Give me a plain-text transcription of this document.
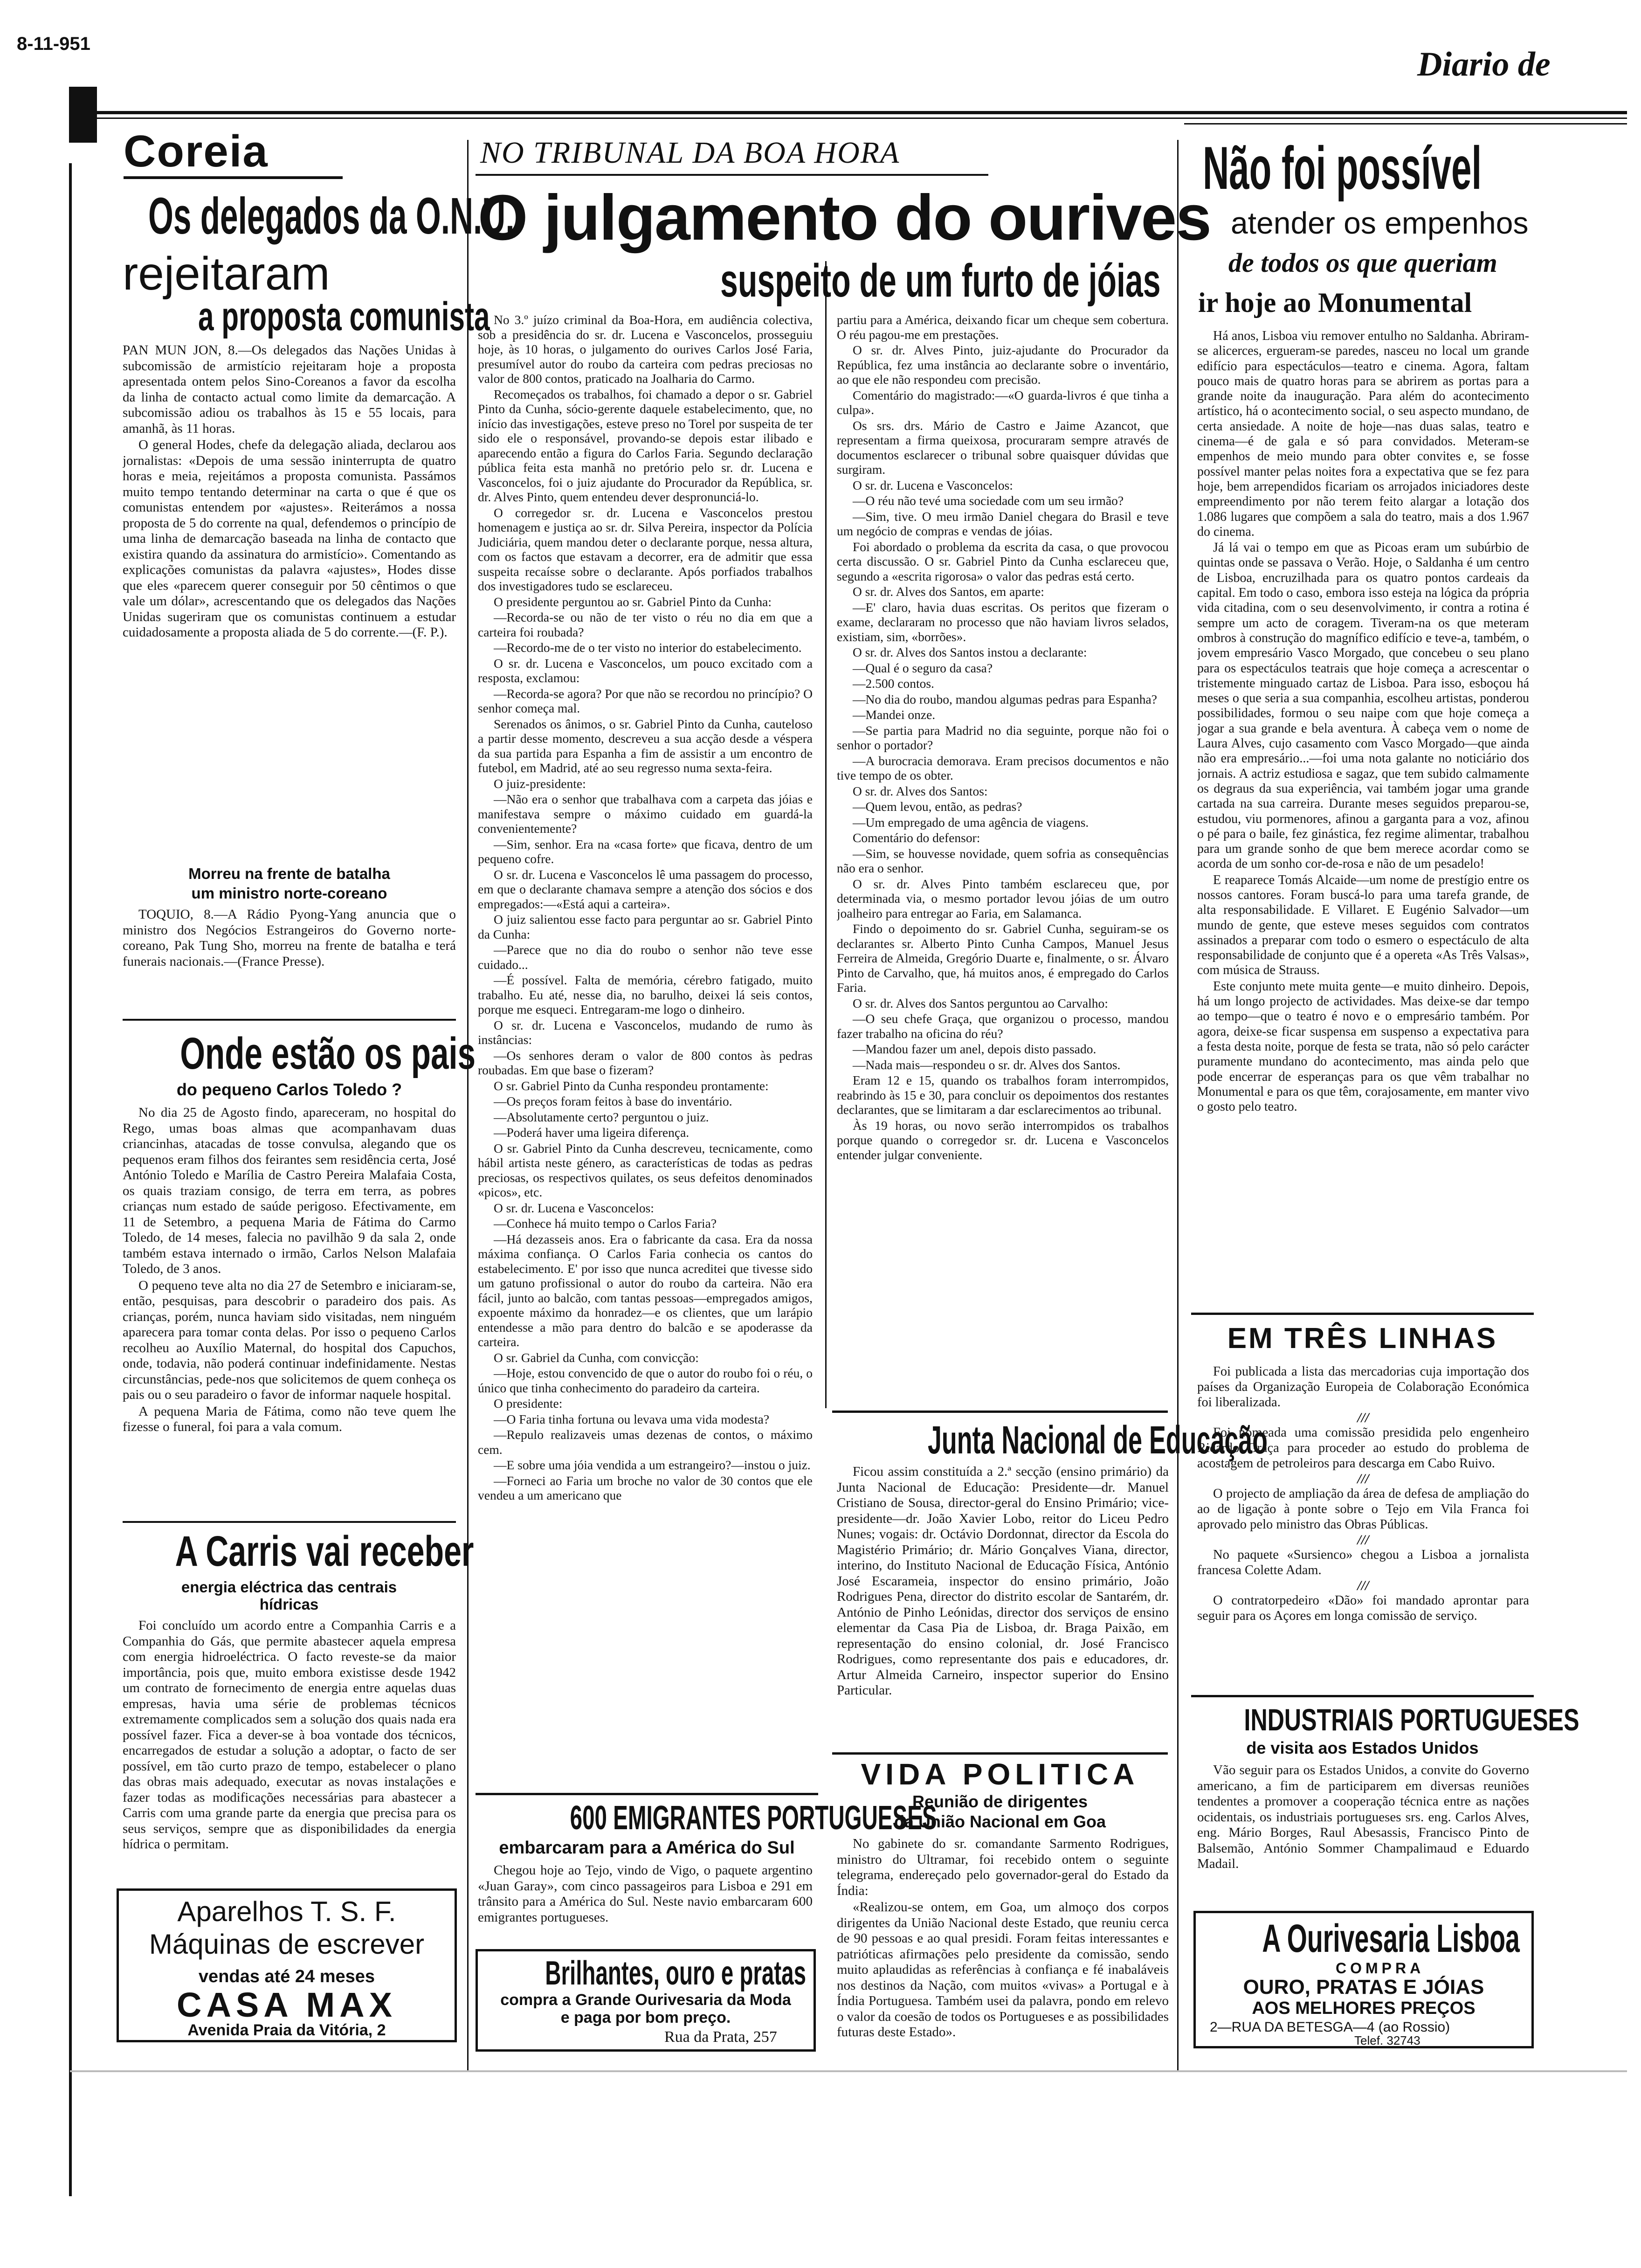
8-11-951
Diario de
Coreia
Os delegados da O.N.U.
rejeitaram
a proposta comunista

PAN MUN JON, 8.—Os delegados das Nações Unidas à subcomissão de armistício rejeitaram hoje a proposta apresentada ontem pelos Sino-Coreanos a favor da escolha da linha de contacto actual como limite da demarcação. A subcomissão adiou os trabalhos às 15 e 55 locais, para amanhã, às 11 horas.

O general Hodes, chefe da delegação aliada, declarou aos jornalistas: «Depois de uma sessão ininterrupta de quatro horas e meia, rejeitámos a proposta comunista. Passámos muito tempo tentando determinar na carta o que é que os comunistas entendem por «ajustes». Reiterámos a nossa proposta de 5 do corrente na qual, defendemos o princípio de uma linha de demarcação baseada na linha de contacto que existira quando da assinatura do armistício». Comentando as explicações comunistas da palavra «ajustes», Hodes disse que eles «parecem querer conseguir por 50 cêntimos o que vale um dólar», acrescentando que os delegados das Nações Unidas sugeriram que os comunistas continuem a estudar cuidadosamente a proposta aliada de 5 do corrente.—(F. P.).

Morreu na frente de batalha
um ministro norte-coreano

TOQUIO, 8.—A Rádio Pyong-Yang anuncia que o ministro dos Negócios Estrangeiros do Governo norte-coreano, Pak Tung Sho, morreu na frente de batalha e terá funerais nacionais.—(France Presse).

Onde estão os pais
do pequeno Carlos Toledo ?

No dia 25 de Agosto findo, apareceram, no hospital do Rego, umas boas almas que acompanhavam duas criancinhas, atacadas de tosse convulsa, alegando que os pequenos eram filhos dos feirantes sem residência certa, José António Toledo e Marília de Castro Pereira Malafaia Costa, os quais traziam consigo, de terra em terra, as pobres crianças num estado de saúde perigoso. Efectivamente, em 11 de Setembro, a pequena Maria de Fátima do Carmo Toledo, de 14 meses, falecia no pavilhão 9 da sala 2, onde também estava internado o irmão, Carlos Nelson Malafaia Toledo, de 3 anos.

O pequeno teve alta no dia 27 de Setembro e iniciaram-se, então, pesquisas, para descobrir o paradeiro dos pais. As crianças, porém, nunca haviam sido visitadas, nem ninguém aparecera para tomar conta delas. Por isso o pequeno Carlos recolheu ao Auxílio Maternal, do hospital dos Capuchos, onde, todavia, não poderá continuar indefinidamente. Nestas circunstâncias, pede-nos que solicitemos de quem conheça os pais ou o seu paradeiro o favor de informar naquele hospital.

A pequena Maria de Fátima, como não teve quem lhe fizesse o funeral, foi para a vala comum.

A Carris vai receber
energia eléctrica das centrais hídricas

Foi concluído um acordo entre a Companhia Carris e a Companhia do Gás, que permite abastecer aquela empresa com energia hidroeléctrica. O facto reveste-se da maior importância, pois que, muito embora existisse desde 1942 um contrato de fornecimento de energia entre aquelas duas empresas, havia uma série de problemas técnicos extremamente complicados sem a solução dos quais nada era possível fazer. Fica a dever-se à boa vontade dos técnicos, encarregados de estudar a solução a adoptar, o facto de ser possível, em tão curto prazo de tempo, estabelecer o plano das obras mais adequado, executar as novas instalações e fazer todas as modificações necessárias para abastecer a Carris com uma grande parte da energia que precisa para os seus serviços, sempre que as disponibilidades da energia hídrica o permitam.

Aparelhos T. S. F.
Máquinas de escrever
vendas até 24 meses
CASA MAX
Avenida Praia da Vitória, 2
NO TRIBUNAL DA BOA HORA
O julgamento do ourives
suspeito de um furto de jóias

No 3.º juízo criminal da Boa-Hora, em audiência colectiva, sob a presidência do sr. dr. Lucena e Vasconcelos, prosseguiu hoje, às 10 horas, o julgamento do ourives Carlos José Faria, presumível autor do roubo da carteira com pedras preciosas no valor de 800 contos, praticado na Joalharia do Carmo.

Recomeçados os trabalhos, foi chamado a depor o sr. Gabriel Pinto da Cunha, sócio-gerente daquele estabelecimento, que, no início das investigações, esteve preso no Torel por suspeita de ter sido ele o responsável, provando-se depois estar ilibado e aparecendo então a figura do Carlos Faria. Segundo declaração pública feita esta manhã no pretório pelo sr. dr. Lucena e Vasconcelos, foi o juiz ajudante do Procurador da República, sr. dr. Alves Pinto, quem entendeu dever despronunciá-lo.

O corregedor sr. dr. Lucena e Vasconcelos prestou homenagem e justiça ao sr. dr. Silva Pereira, inspector da Polícia Judiciária, quem mandou deter o declarante porque, nessa altura, com os factos que estavam a decorrer, era de admitir que essa suspeita recaísse sobre o declarante. Após porfiados trabalhos dos investigadores tudo se esclareceu.

O presidente perguntou ao sr. Gabriel Pinto da Cunha:

—Recorda-se ou não de ter visto o réu no dia em que a carteira foi roubada?

—Recordo-me de o ter visto no interior do estabelecimento.

O sr. dr. Lucena e Vasconcelos, um pouco excitado com a resposta, exclamou:

—Recorda-se agora? Por que não se recordou no princípio? O senhor começa mal.

Serenados os ânimos, o sr. Gabriel Pinto da Cunha, cauteloso a partir desse momento, descreveu a sua acção desde a véspera da sua partida para Espanha a fim de assistir a um encontro de futebol, em Madrid, até ao seu regresso numa sexta-feira.

O juiz-presidente:

—Não era o senhor que trabalhava com a carpeta das jóias e manifestava sempre o máximo cuidado em guardá-la convenientemente?

—Sim, senhor. Era na «casa forte» que ficava, dentro de um pequeno cofre.

O sr. dr. Lucena e Vasconcelos lê uma passagem do processo, em que o declarante chamava sempre a atenção dos sócios e dos empregados:—«Está aqui a carteira».

O juiz salientou esse facto para perguntar ao sr. Gabriel Pinto da Cunha:

—Parece que no dia do roubo o senhor não teve esse cuidado...

—É possível. Falta de memória, cérebro fatigado, muito trabalho. Eu até, nesse dia, no barulho, deixei lá seis contos, porque me esqueci. Entregaram-me logo o dinheiro.

O sr. dr. Lucena e Vasconcelos, mudando de rumo às instâncias:

—Os senhores deram o valor de 800 contos às pedras roubadas. Em que base o fizeram?

O sr. Gabriel Pinto da Cunha respondeu prontamente:

—Os preços foram feitos à base do inventário.

—Absolutamente certo? perguntou o juiz.

—Poderá haver uma ligeira diferença.

O sr. Gabriel Pinto da Cunha descreveu, tecnicamente, como hábil artista neste género, as características de todas as pedras preciosas, os respectivos quilates, os seus defeitos denominados «picos», etc.

O sr. dr. Lucena e Vasconcelos:

—Conhece há muito tempo o Carlos Faria?

—Há dezasseis anos. Era o fabricante da casa. Era da nossa máxima confiança. O Carlos Faria conhecia os cantos do estabelecimento. E' por isso que nunca acreditei que tivesse sido um gatuno profissional o autor do roubo da carteira. Não era fácil, junto ao balcão, com tantas pessoas—empregados amigos, expoente máximo da honradez—e os clientes, que um larápio entendesse a mão para dentro do balcão e se apoderasse da carteira.

O sr. Gabriel da Cunha, com convicção:

—Hoje, estou convencido de que o autor do roubo foi o réu, o único que tinha conhecimento do paradeiro da carteira.

O presidente:

—O Faria tinha fortuna ou levava uma vida modesta?

—Repulo realizaveis umas dezenas de contos, o máximo cem.

—E sobre uma jóia vendida a um estrangeiro?—instou o juiz.

—Forneci ao Faria um broche no valor de 30 contos que ele vendeu a um americano que

partiu para a América, deixando ficar um cheque sem cobertura. O réu pagou-me em prestações.

O sr. dr. Alves Pinto, juiz-ajudante do Procurador da República, fez uma instância ao declarante sobre o inventário, ao que ele não respondeu com precisão.

Comentário do magistrado:—«O guarda-livros é que tinha a culpa».

Os srs. drs. Mário de Castro e Jaime Azancot, que representam a firma queixosa, procuraram sempre através de documentos esclarecer o tribunal sobre quaisquer dúvidas que surgiram.

O sr. dr. Lucena e Vasconcelos:

—O réu não tevé uma sociedade com um seu irmão?

—Sim, tive. O meu irmão Daniel chegara do Brasil e teve um negócio de compras e vendas de jóias.

Foi abordado o problema da escrita da casa, o que provocou certa discussão. O sr. Gabriel Pinto da Cunha esclareceu que, segundo a «escrita rigorosa» o valor das pedras está certo.

O sr. dr. Alves dos Santos, em aparte:

—E' claro, havia duas escritas. Os peritos que fizeram o exame, declararam no processo que não haviam livros selados, existiam, sim, «borrões».

O sr. dr. Alves dos Santos instou a declarante:

—Qual é o seguro da casa?

—2.500 contos.

—No dia do roubo, mandou algumas pedras para Espanha?

—Mandei onze.

—Se partia para Madrid no dia seguinte, porque não foi o senhor o portador?

—A burocracia demorava. Eram precisos documentos e não tive tempo de os obter.

O sr. dr. Alves dos Santos:

—Quem levou, então, as pedras?

—Um empregado de uma agência de viagens.

Comentário do defensor:

—Sim, se houvesse novidade, quem sofria as consequências não era o senhor.

O sr. dr. Alves Pinto também esclareceu que, por determinada via, o mesmo portador levou jóias de um outro joalheiro para entregar ao Faria, em Salamanca.

Findo o depoimento do sr. Gabriel Cunha, seguiram-se os declarantes sr. Alberto Pinto Cunha Campos, Manuel Jesus Ferreira de Almeida, Gregório Duarte e, finalmente, o sr. Álvaro Pinto de Carvalho, que, há muitos anos, é empregado do Carlos Faria.

O sr. dr. Alves dos Santos perguntou ao Carvalho:

—O seu chefe Graça, que organizou o processo, mandou fazer trabalho na oficina do réu?

—Mandou fazer um anel, depois disto passado.

—Nada mais—respondeu o sr. dr. Alves dos Santos.

Eram 12 e 15, quando os trabalhos foram interrompidos, reabrindo às 15 e 30, para concluir os depoimentos dos restantes declarantes, que se limitaram a dar esclarecimentos ao tribunal.

Às 19 horas, ou novo serão interrompidos os trabalhos porque quando o corregedor sr. dr. Lucena e Vasconcelos entender julgar conveniente.

600 EMIGRANTES PORTUGUESES
embarcaram para a América do Sul

Chegou hoje ao Tejo, vindo de Vigo, o paquete argentino «Juan Garay», com cinco passageiros para Lisboa e 291 em trânsito para a América do Sul. Neste navio embarcaram 600 emigrantes portugueses.

Brilhantes, ouro e pratas
compra a Grande Ourivesaria da Moda e paga por bom preço.
Rua da Prata, 257
Junta Nacional de Educação

Ficou assim constituída a 2.ª secção (ensino primário) da Junta Nacional de Educação: Presidente—dr. Manuel Cristiano de Sousa, director-geral do Ensino Primário; vice-presidente—dr. João Xavier Lobo, reitor do Liceu Pedro Nunes; vogais: dr. Octávio Dordonnat, director da Escola do Magistério Primário; dr. Mário Gonçalves Viana, director, interino, do Instituto Nacional de Educação Física, António José Escarameia, inspector do ensino primário, João Rodrigues Pena, director do distrito escolar de Santarém, dr. António de Pinho Leónidas, director dos serviços de ensino elementar da Casa Pia de Lisboa, dr. Braga Paixão, em representação do ensino colonial, dr. José Francisco Rodrigues, como representante dos pais e educadores, dr. Artur Almeida Carneiro, inspector superior do Ensino Particular.

VIDA POLITICA
Reunião de dirigentes
da União Nacional em Goa

No gabinete do sr. comandante Sarmento Rodrigues, ministro do Ultramar, foi recebido ontem o seguinte telegrama, endereçado pelo governador-geral do Estado da Índia:

«Realizou-se ontem, em Goa, um almoço dos corpos dirigentes da União Nacional deste Estado, que reuniu cerca de 90 pessoas e ao qual presidi. Foram feitas interessantes e patrióticas afirmações pelo presidente da comissão, sendo muito aplaudidas as referências à confiança e fé inabaláveis nos destinos da Nação, com muitos «vivas» a Portugal e à Índia Portuguesa. Também usei da palavra, pondo em relevo o valor da coesão de todos os Portugueses e as possibilidades futuras deste Estado».

Não foi possível
atender os empenhos
de todos os que queriam
ir hoje ao Monumental

Há anos, Lisboa viu remover entulho no Saldanha. Abriram-se alicerces, ergueram-se paredes, nasceu no local um grande edifício para espectáculos—teatro e cinema. Agora, faltam pouco mais de quatro horas para se abrirem as portas para a grande noite da inauguração. Para além do acontecimento artístico, há o acontecimento social, o seu aspecto mundano, de certa ansiedade. A noite de hoje—nas duas salas, teatro e cinema—é de gala e só para convidados. Meteram-se empenhos de meio mundo para obter convites e, se fosse possível manter pelas noites fora a expectativa que se fez para hoje, bem arrependidos ficariam os arrojados iniciadores deste empreendimento por não terem feito alargar a lotação dos 1.086 lugares que compõem a sala do teatro, mais a dos 1.967 do cinema.

Já lá vai o tempo em que as Picoas eram um subúrbio de quintas onde se passava o Verão. Hoje, o Saldanha é um centro de Lisboa, encruzilhada para os quatro pontos cardeais da capital. Em todo o caso, embora isso esteja na lógica da própria vida citadina, com o seu desenvolvimento, ir contra a rotina é sempre um acto de coragem. Tiveram-na os que meteram ombros à construção do magnífico edifício e teve-a, também, o jovem empresário Vasco Morgado, que concebeu o seu plano para os espectáculos teatrais que hoje começa a acrescentar o tristemente minguado cartaz de Lisboa. Para isso, esboçou há meses o que seria a sua companhia, escolheu artistas, ponderou possibilidades, formou o seu naipe com que hoje começa a jogar a sua grande e bela aventura. À cabeça vem o nome de Laura Alves, cujo casamento com Vasco Morgado—que ainda não era empresário...—foi uma nota galante no noticiário dos jornais. A actriz estudiosa e sagaz, que tem subido calmamente os degraus da sua experiência, vai também jogar uma grande cartada na sua carreira. Durante meses seguidos preparou-se, estudou, viu pormenores, afinou a garganta para a voz, afinou o pé para o baile, fez ginástica, fez regime alimentar, trabalhou para um grande sonho de que bem merece acordar como se acorda de um sonho cor-de-rosa e não de um pesadelo!

E reaparece Tomás Alcaide—um nome de prestígio entre os nossos cantores. Foram buscá-lo para uma tarefa grande, de alta responsabilidade. E Villaret. E Eugénio Salvador—um mundo de gente, que esteve meses seguidos com contratos assinados a preparar com todo o esmero o espectáculo de alta responsabilidade de conjunto que é a opereta «As Três Valsas», com música de Strauss.

Este conjunto mete muita gente—e muito dinheiro. Depois, há um longo projecto de actividades. Mas deixe-se dar tempo ao tempo—que o teatro é novo e o empresário também. Por agora, deixe-se ficar suspensa em suspenso a expectativa para a festa desta noite, porque de festa se trata, não só pelo carácter puramente mundano do acontecimento, mas ainda pelo que pode encerrar de esperanças para os que vêm trabalhar no Monumental e para os que têm, corajosamente, em manter vivo o gosto pelo teatro.

EM TRÊS LINHAS

Foi publicada a lista das mercadorias cuja importação dos países da Organização Europeia de Colaboração Económica foi liberalizada.

///

Foi nomeada uma comissão presidida pelo engenheiro Ricardo Graça para proceder ao estudo do problema de acostagem de petroleiros para descarga em Cabo Ruivo.

///

O projecto de ampliação da área de defesa de ampliação do ao de ligação à ponte sobre o Tejo em Vila Franca foi aprovado pelo ministro das Obras Públicas.

///

No paquete «Sursienco» chegou a Lisboa a jornalista francesa Colette Adam.

///

O contratorpedeiro «Dão» foi mandado aprontar para seguir para os Açores em longa comissão de serviço.

INDUSTRIAIS PORTUGUESES
de visita aos Estados Unidos

Vão seguir para os Estados Unidos, a convite do Governo americano, a fim de participarem em diversas reuniões tendentes a promover a cooperação técnica entre as nações ocidentais, os industriais portugueses srs. eng. Carlos Alves, eng. Mário Borges, Raul Abesassis, Francisco Pinto de Balsemão, António Sommer Champalimaud e Eduardo Madail.

A Ourivesaria Lisboa
COMPRA
OURO, PRATAS E JÓIAS
AOS MELHORES PREÇOS
2—RUA DA BETESGA—4 (ao Rossio)
Telef. 32743
